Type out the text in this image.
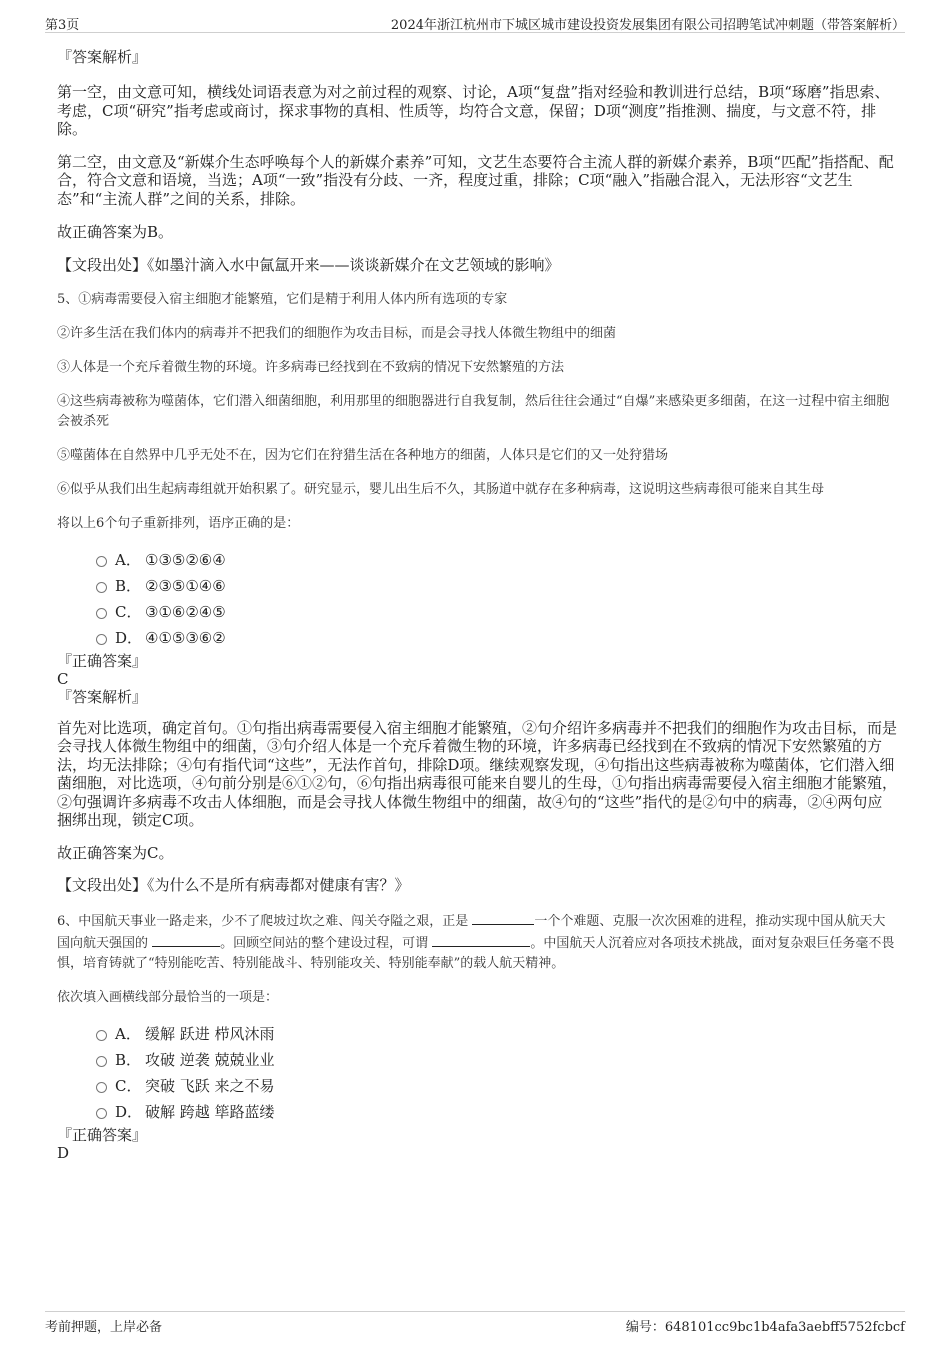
第3页	2024年浙江杭州市下城区城市建设投资发展集团有限公司招聘笔试冲刺题（带答案解析）

『答案解析』

第一空，由文意可知，横线处词语表意为对之前过程的观察、讨论，A项“复盘”指对经验和教训进行总结，B项“琢磨”指思索、考虑，C项“研究”指考虑或商讨，探求事物的真相、性质等，均符合文意，保留；D项“测度”指推测、揣度，与文意不符，排除。

第二空，由文意及“新媒介生态呼唤每个人的新媒介素养”可知，文艺生态要符合主流人群的新媒介素养，B项“匹配”指搭配、配合，符合文意和语境，当选；A项“一致”指没有分歧、一齐，程度过重，排除；C项“融入”指融合混入，无法形容“文艺生态”和“主流人群”之间的关系，排除。

故正确答案为B。

【文段出处】《如墨汁滴入水中氤氲开来——谈谈新媒介在文艺领域的影响》

5、①病毒需要侵入宿主细胞才能繁殖，它们是精于利用人体内所有选项的专家

②许多生活在我们体内的病毒并不把我们的细胞作为攻击目标，而是会寻找人体微生物组中的细菌

③人体是一个充斥着微生物的环境。许多病毒已经找到在不致病的情况下安然繁殖的方法

④这些病毒被称为噬菌体，它们潜入细菌细胞，利用那里的细胞器进行自我复制，然后往往会通过“自爆”来感染更多细菌，在这一过程中宿主细胞会被杀死

⑤噬菌体在自然界中几乎无处不在，因为它们在狩猎生活在各种地方的细菌，人体只是它们的又一处狩猎场

⑥似乎从我们出生起病毒组就开始积累了。研究显示，婴儿出生后不久，其肠道中就存在多种病毒，这说明这些病毒很可能来自其生母

将以上6个句子重新排列，语序正确的是：

A． ①③⑤②⑥④
B． ②③⑤①④⑥
C． ③①⑥②④⑤
D． ④①⑤③⑥②

『正确答案』

C

『答案解析』

首先对比选项，确定首句。①句指出病毒需要侵入宿主细胞才能繁殖，②句介绍许多病毒并不把我们的细胞作为攻击目标，而是会寻找人体微生物组中的细菌，③句介绍人体是一个充斥着微生物的环境，许多病毒已经找到在不致病的情况下安然繁殖的方法，均无法排除；④句有指代词“这些”，无法作首句，排除D项。继续观察发现，④句指出这些病毒被称为噬菌体，它们潜入细菌细胞，对比选项，④句前分别是⑥①②句，⑥句指出病毒很可能来自婴儿的生母，①句指出病毒需要侵入宿主细胞才能繁殖，②句强调许多病毒不攻击人体细胞，而是会寻找人体微生物组中的细菌，故④句的“这些”指代的是②句中的病毒，②④两句应捆绑出现，锁定C项。

故正确答案为C。

【文段出处】《为什么不是所有病毒都对健康有害？》

6、中国航天事业一路走来，少不了爬坡过坎之难、闯关夺隘之艰，正是	一个个难题、克服一次次困难的进程，推动实现中国从航天大国向航天强国的	。回顾空间站的整个建设过程，可谓	。中国航天人沉着应对各项技术挑战，面对复杂艰巨任务毫不畏惧，培育铸就了“特别能吃苦、特别能战斗、特别能攻关、特别能奉献”的载人航天精神。

依次填入画横线部分最恰当的一项是：

A． 缓解 跃进 栉风沐雨
B． 攻破 逆袭 兢兢业业
C． 突破 飞跃 来之不易
D． 破解 跨越 筚路蓝缕

『正确答案』

D

考前押题，上岸必备	编号：648101cc9bc1b4afa3aebff5752fcbcf
